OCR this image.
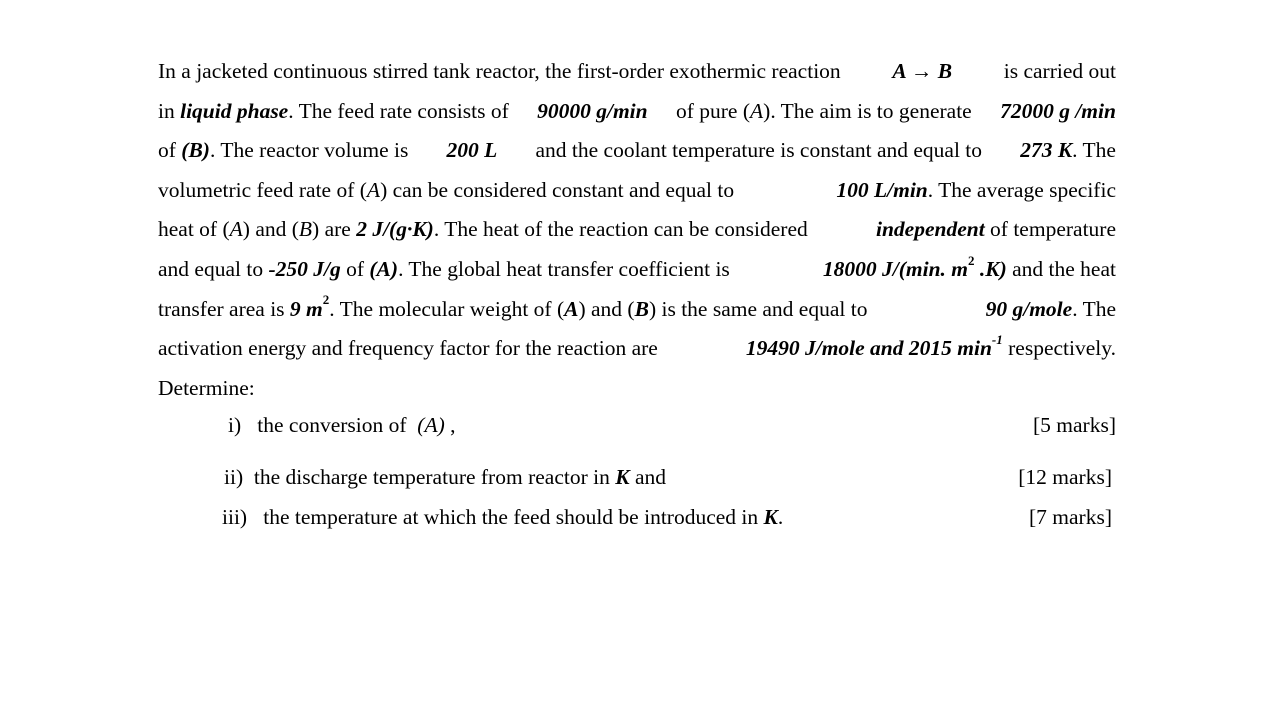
In a jacketed continuous stirred tank reactor, the first-order exothermic reaction A → B is carried out
in liquid phase. The feed rate consists of 90000 g/min of pure (A). The aim is to generate 72000 g /min
of (B). The reactor volume is 200 L and the coolant temperature is constant and equal to 273 K. The
volumetric feed rate of (A) can be considered constant and equal to	100 L/min. The average specific
heat of (A) and (B) are 2 J/(g·K). The heat of the reaction can be considered	independent of temperature
and equal to -250 J/g of (A). The global heat transfer coefficient is	18000 J/(min. $m^2$ .K) and the heat
transfer area is 9 $m^2$. The molecular weight of (A) and (B) is the same and equal to	90 g/mole. The
activation energy and frequency factor for the reaction are	19490 J/mole and 2015 $\min^{-1}$ respectively.
Determine:
i) the conversion of (A) ,	[5 marks]
ii) the discharge temperature from reactor in K and	[12 marks]
iii) the temperature at which the feed should be introduced in K.	[7 marks]
